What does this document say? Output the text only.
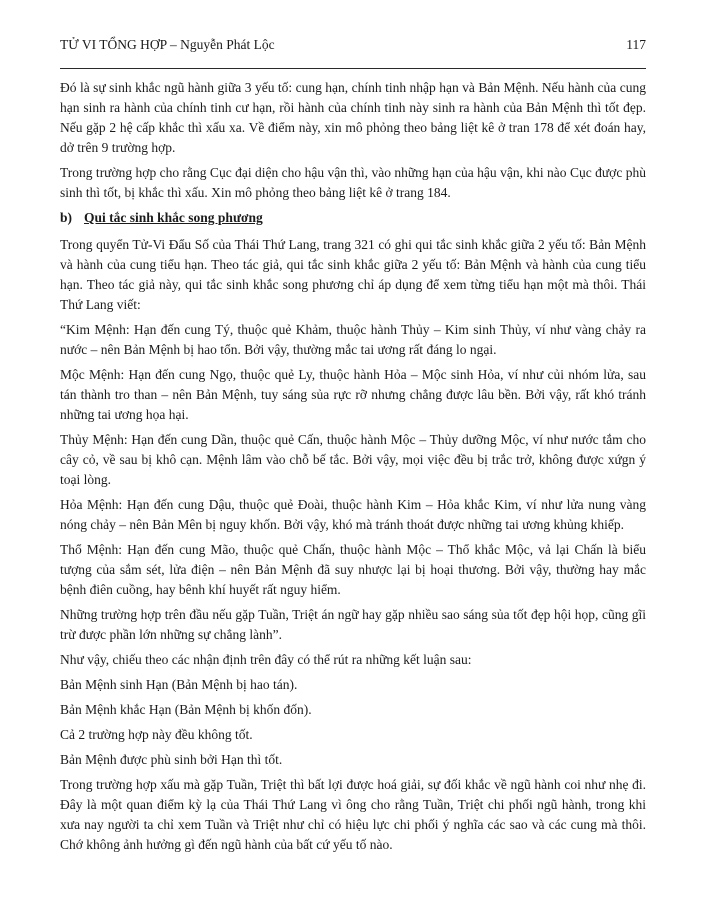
TỬ VI TỔNG HỢP – Nguyễn Phát Lộc	117

Đó là sự sinh khắc ngũ hành giữa 3 yếu tố: cung hạn, chính tinh nhập hạn và Bản Mệnh. Nếu hành của cung hạn sinh ra hành của chính tinh cư hạn, rồi hành của chính tinh này sinh ra hành của Bản Mệnh thì tốt đẹp. Nếu gặp 2 hệ cấp khắc thì xấu xa. Về điểm này, xin mô phỏng theo bảng liệt kê ở tran 178 để xét đoán hay, dở trên 9 trường hợp.

Trong trường hợp cho rằng Cục đại diện cho hậu vận thì, vào những hạn của hậu vận, khi nào Cục được phù sinh thì tốt, bị khắc thì xấu. Xin mô phỏng theo bảng liệt kê ở trang 184.

b) Qui tắc sinh khắc song phương

Trong quyển Tử-Vi Đẩu Số của Thái Thứ Lang, trang 321 có ghi qui tắc sinh khắc giữa 2 yếu tố: Bản Mệnh và hành của cung tiểu hạn. Theo tác giả, qui tắc sinh khắc giữa 2 yếu tố: Bản Mệnh và hành của cung tiểu hạn. Theo tác giả này, qui tắc sinh khắc song phương chỉ áp dụng để xem từng tiểu hạn một mà thôi. Thái Thứ Lang viết:

“Kim Mệnh: Hạn đến cung Tý, thuộc quẻ Khảm, thuộc hành Thủy – Kim sinh Thủy, ví như vàng chảy ra nước – nên Bản Mệnh bị hao tổn. Bởi vậy, thường mắc tai ương rất đáng lo ngại.

Mộc Mệnh: Hạn đến cung Ngọ, thuộc quẻ Ly, thuộc hành Hỏa – Mộc sinh Hỏa, ví như củi nhóm lửa, sau tán thành tro than – nên Bản Mệnh, tuy sáng sủa rực rỡ nhưng chẳng được lâu bền. Bởi vậy, rất khó tránh những tai ương họa hại.

Thủy Mệnh: Hạn đến cung Dần, thuộc quẻ Cấn, thuộc hành Mộc – Thủy dưỡng Mộc, ví như nước tắm cho cây cỏ, về sau bị khô cạn. Mệnh lâm vào chỗ bế tắc. Bởi vậy, mọi việc đều bị trắc trở, không được xứgn ý toại lòng.

Hỏa Mệnh: Hạn đến cung Dậu, thuộc quẻ Đoài, thuộc hành Kim – Hỏa khắc Kim, ví như lửa nung vàng nóng chảy – nên Bản Mên bị nguy khốn. Bởi vậy, khó mà tránh thoát được những tai ương khủng khiếp.

Thổ Mệnh: Hạn đến cung Mão, thuộc quẻ Chấn, thuộc hành Mộc – Thổ khắc Mộc, vả lại Chấn là biểu tượng của sắm sét, lửa điện – nên Bản Mệnh đã suy nhược lại bị hoại thương. Bởi vậy, thường hay mắc bệnh điên cuồng, hay bênh khí huyết rất nguy hiểm.

Những trường hợp trên đầu nếu gặp Tuần, Triệt án ngữ hay gặp nhiều sao sáng sủa tốt đẹp hội họp, cũng gĩi trừ được phần lớn những sự chẳng lành”.

Như vậy, chiếu theo các nhận định trên đây có thể rút ra những kết luận sau:

Bản Mệnh sinh Hạn (Bản Mệnh bị hao tán).

Bản Mệnh khắc Hạn (Bản Mệnh bị khốn đốn).

Cả 2 trường hợp này đều không tốt.

Bản Mệnh được phù sinh bởi Hạn thì tốt.

Trong trường hợp xấu mà gặp Tuần, Triệt thì bất lợi được hoá giải, sự đối khắc về ngũ hành coi như nhẹ đi. Đây là một quan điểm kỳ lạ của Thái Thứ Lang vì ông cho rằng Tuần, Triệt chi phối ngũ hành, trong khi xưa nay người ta chỉ xem Tuần và Triệt như chỉ có hiệu lực chi phối ý nghĩa các sao và các cung mà thôi. Chớ không ảnh hưởng gì đến ngũ hành của bất cứ yếu tố nào.
